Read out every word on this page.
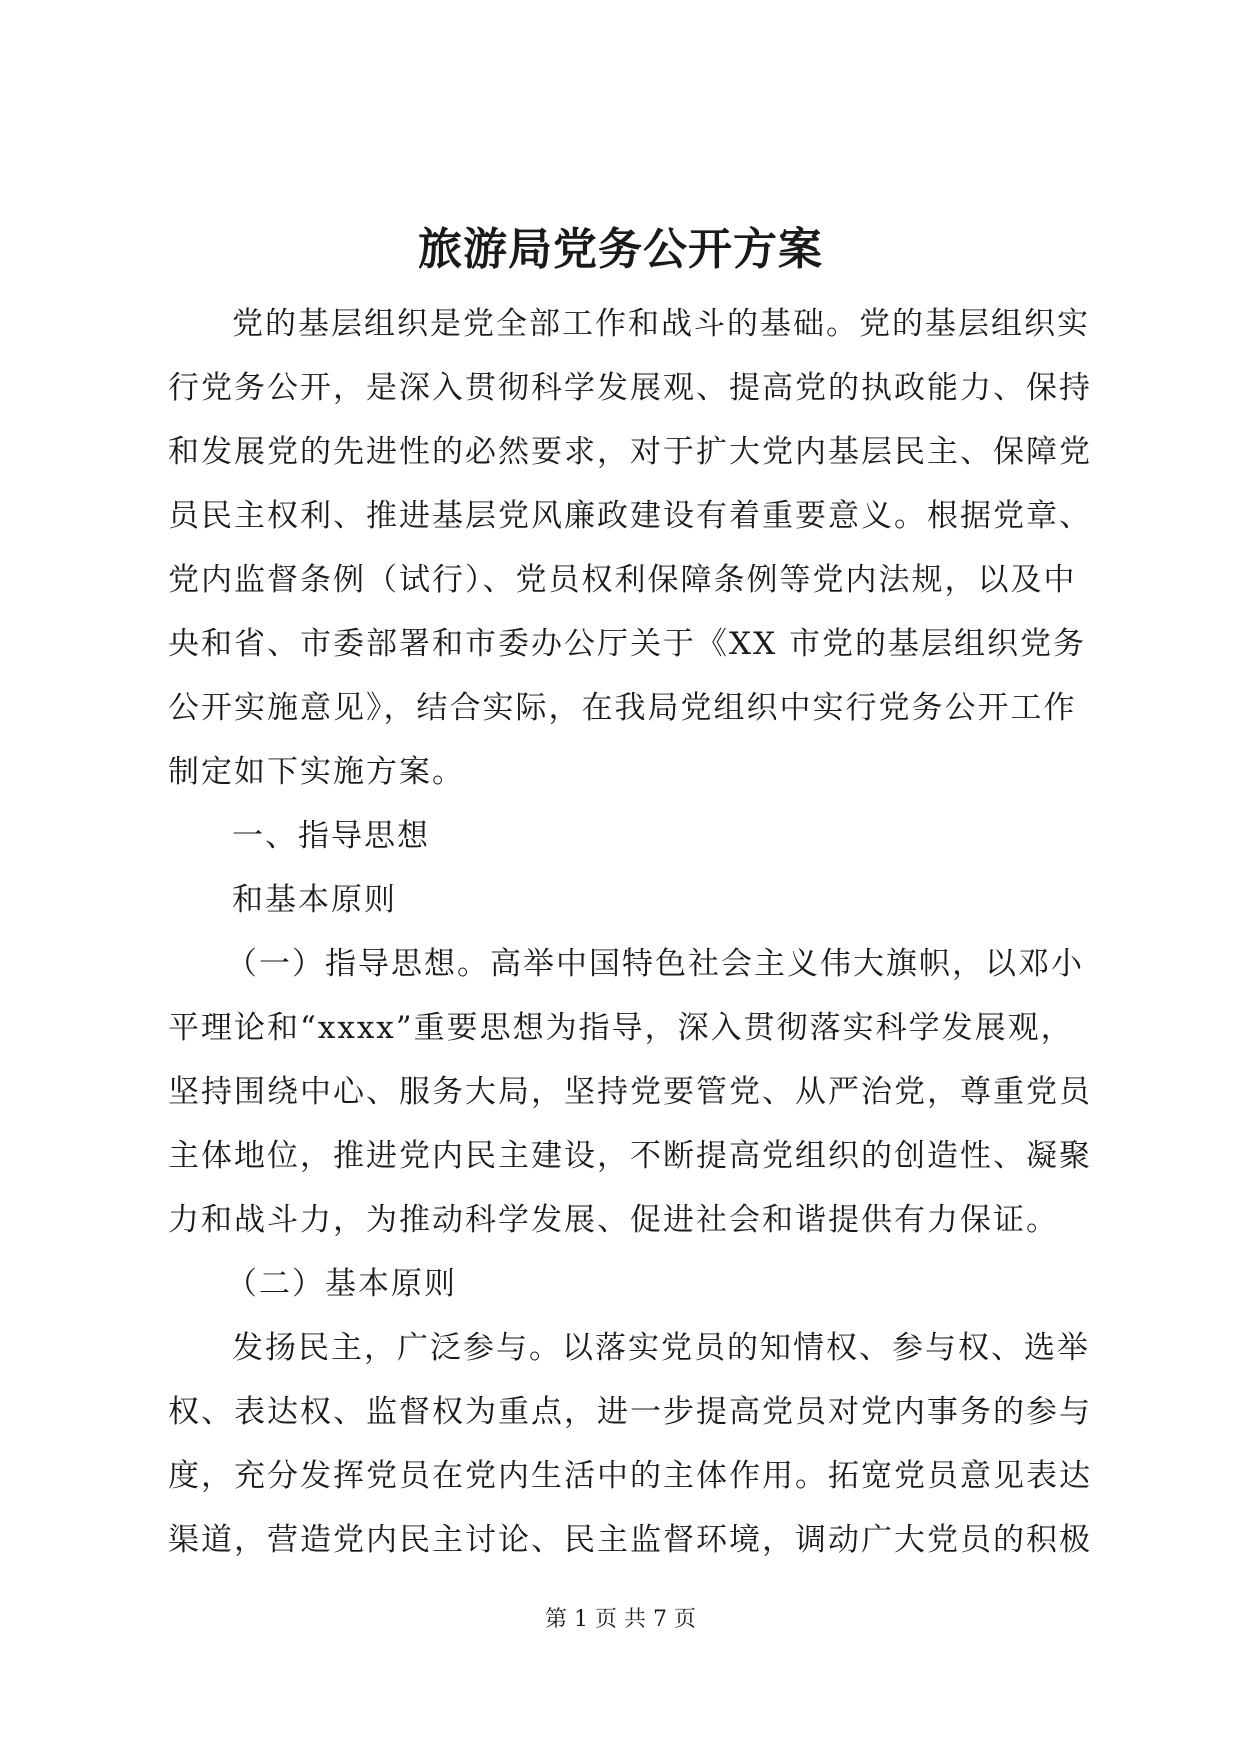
旅游局党务公开方案
党的基层组织是党全部工作和战斗的基础。党的基层组织实
行党务公开，是深入贯彻科学发展观、提高党的执政能力、保持
和发展党的先进性的必然要求，对于扩大党内基层民主、保障党
员民主权利、推进基层党风廉政建设有着重要意义。根据党章、
党内监督条例（试行）、党员权利保障条例等党内法规，以及中
央和省、市委部署和市委办公厅关于《XX 市党的基层组织党务
公开实施意见》，结合实际，在我局党组织中实行党务公开工作
制定如下实施方案。
一、指导思想
和基本原则
（一）指导思想。高举中国特色社会主义伟大旗帜，以邓小
平理论和“xxxx”重要思想为指导，深入贯彻落实科学发展观，
坚持围绕中心、服务大局，坚持党要管党、从严治党，尊重党员
主体地位，推进党内民主建设，不断提高党组织的创造性、凝聚
力和战斗力，为推动科学发展、促进社会和谐提供有力保证。
（二）基本原则
发扬民主，广泛参与。以落实党员的知情权、参与权、选举
权、表达权、监督权为重点，进一步提高党员对党内事务的参与
度，充分发挥党员在党内生活中的主体作用。拓宽党员意见表达
渠道，营造党内民主讨论、民主监督环境，调动广大党员的积极
第 1 页 共 7 页
